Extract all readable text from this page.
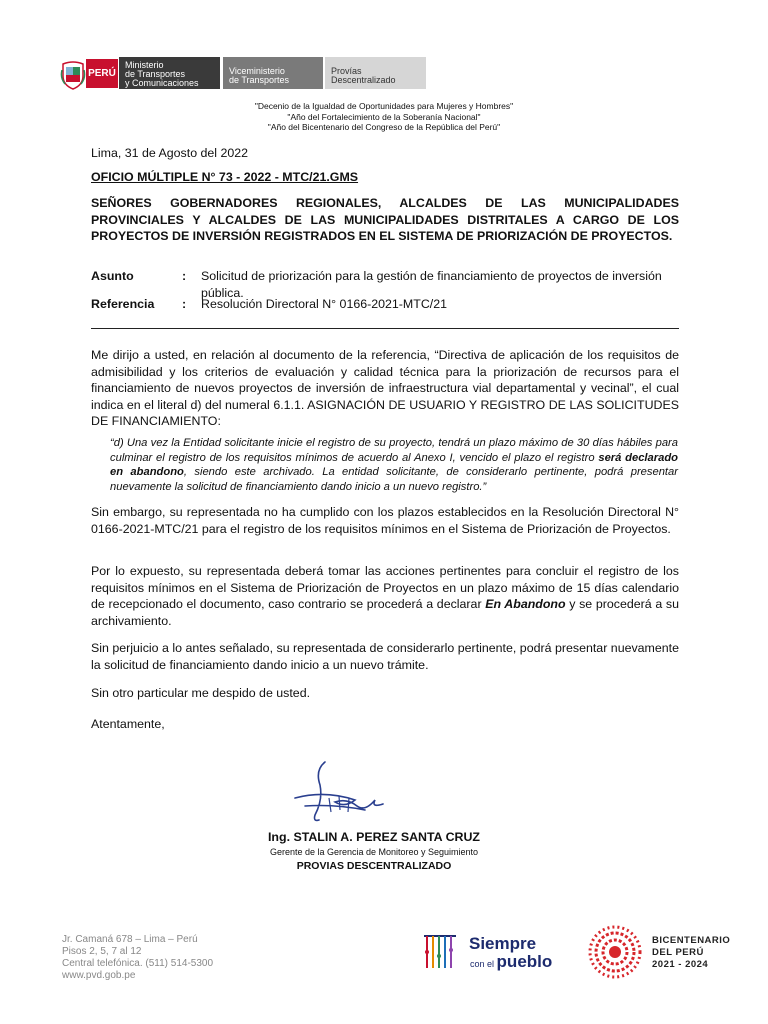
PERÚ
Ministerio
de Transportes
y Comunicaciones
Viceministerio
de Transportes
Provías
Descentralizado
"Decenio de la Igualdad de Oportunidades para Mujeres y Hombres"
"Año del Fortalecimiento de la Soberanía Nacional"
"Año del Bicentenario del Congreso de la República del Perú"
Lima, 31 de Agosto del 2022
OFICIO MÚLTIPLE N° 73 - 2022 - MTC/21.GMS
SEÑORES GOBERNADORES REGIONALES, ALCALDES DE LAS MUNICIPALIDADES PROVINCIALES Y ALCALDES DE LAS MUNICIPALIDADES DISTRITALES A CARGO DE LOS PROYECTOS DE INVERSIÓN REGISTRADOS EN EL SISTEMA DE PRIORIZACIÓN DE PROYECTOS.
Asunto	: Solicitud de priorización para la gestión de financiamiento de proyectos de inversión pública.
Referencia : Resolución Directoral N° 0166-2021-MTC/21
Me dirijo a usted, en relación al documento de la referencia, “Directiva de aplicación de los requisitos de admisibilidad y los criterios de evaluación y calidad técnica para la priorización de recursos para el financiamiento de nuevos proyectos de inversión de infraestructura vial departamental y vecinal”, el cual indica en el literal d) del numeral 6.1.1. ASIGNACIÓN DE USUARIO Y REGISTRO DE LAS SOLICITUDES DE FINANCIAMIENTO:
“d) Una vez la Entidad solicitante inicie el registro de su proyecto, tendrá un plazo máximo de 30 días hábiles para culminar el registro de los requisitos mínimos de acuerdo al Anexo I, vencido el plazo el registro será declarado en abandono, siendo este archivado. La entidad solicitante, de considerarlo pertinente, podrá presentar nuevamente la solicitud de financiamiento dando inicio a un nuevo registro.”
Sin embargo, su representada no ha cumplido con los plazos establecidos en la Resolución Directoral N° 0166-2021-MTC/21 para el registro de los requisitos mínimos en el Sistema de Priorización de Proyectos.
Por lo expuesto, su representada deberá tomar las acciones pertinentes para concluir el registro de los requisitos mínimos en el Sistema de Priorización de Proyectos en un plazo máximo de 15 días calendario de recepcionado el documento, caso contrario se procederá a declarar En Abandono y se procederá a su archivamiento.
Sin perjuicio a lo antes señalado, su representada de considerarlo pertinente, podrá presentar nuevamente la solicitud de financiamiento dando inicio a un nuevo trámite.
Sin otro particular me despido de usted.
Atentamente,
Ing. STALIN A. PEREZ SANTA CRUZ
Gerente de la Gerencia de Monitoreo y Seguimiento
PROVIAS DESCENTRALIZADO
Jr. Camaná 678 – Lima – Perú
Pisos 2, 5, 7 al 12
Central telefónica. (511) 514-5300
www.pvd.gob.pe
Siempre
con el pueblo
BICENTENARIO
DEL PERÚ
2021 - 2024
